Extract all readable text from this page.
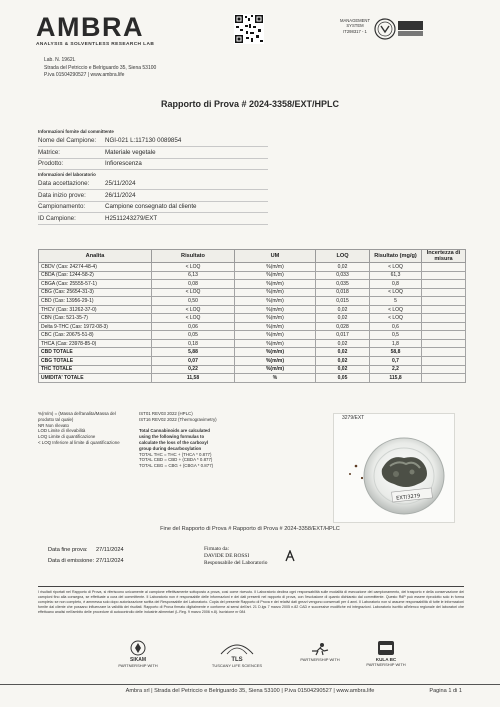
AMBRA
ANALYSIS & SOLVENTLESS RESEARCH LAB
Lab. N. 1962L
Strada del Petriccio e Belriguardo 35, Siena 53100
P.iva 01504290527 | www.ambra.life
MANAGEMENT
SYSTEM
IT298317 - 1
Rapporto di Prova # 2024-3358/EXT/HPLC
Informazioni fornite dal committente
Nome del Campione:	NGI-021 L:117130 0089854
Matrice:	Materiale vegetale
Prodotto:	Infiorescenza
Informazioni del laboratorio
Data accettazione:	25/11/2024
Data inizio prove:	26/11/2024
Campionamento:	Campione consegnato dal cliente
ID Campione:	H2511243279/EXT
Analita	Risultato	UM	LOQ	Risultato (mg/g)	Incertezza di misura
CBDV (Cas: 24274-48-4)	< LOQ	%(m/m)	0,02	< LOQ	
CBDA (Cas: 1244-58-2)	6,13	%(m/m)	0,033	61,3	
CBGA (Cas: 25555-57-1)	0,08	%(m/m)	0,035	0,8	
CBG (Cas: 25654-31-3)	< LOQ	%(m/m)	0,018	< LOQ	
CBD (Cas: 13956-29-1)	0,50	%(m/m)	0,015	5	
THCV (Cas: 31262-37-0)	< LOQ	%(m/m)	0,02	< LOQ	
CBN (Cas: 521-35-7)	< LOQ	%(m/m)	0,02	< LOQ	
Delta 9-THC (Cas: 1972-08-3)	0,06	%(m/m)	0,028	0,6	
CBC (Cas: 20675-51-8)	0,05	%(m/m)	0,017	0,5	
THCA (Cas: 23978-85-0)	0,18	%(m/m)	0,02	1,8	
CBD TOTALE	5,88	%(m/m)	0,02	58,8	
CBG TOTALE	0,07	%(m/m)	0,02	0,7	
THC TOTALE	0,22	%(m/m)	0,02	2,2	
UMIDITA' TOTALE	11,58	%	0,05	115,8	
%(m/m) = (Massa dell'analita/Massa del
prodotto tal quale)
NR Non rilevato
LOD Limite di rilevabilità
LOQ Limite di quantificazione
< LOQ Inferiore al limite di quantificazione
IST01 REV03 2022 (HPLC)
IST16 REV02 2022 (Thermogravimetry)
Total Cannabinoids are calculated
using the following formulas to
calculate the loss of the carboxyl
group during decarboxylation
TOTAL THC = THC + (THCA * 0.877)
TOTAL CBD = CBD + (CBDA * 0.877)
TOTAL CBG = CBG + (CBGA * 0.877)
EXT/3279
3279/EXT
Fine del Rapporto di Prova # Rapporto di Prova # 2024-3358/EXT/HPLC
Data fine prova:	27/11/2024
Data di emissione: 27/11/2024
Firmato da:
DAVIDE DE ROSSI
Responsabile del Laboratorio
I risultati riportati nel Rapporto di Prova, si riferiscono unicamente al campione effettivamente sottoposto a prova, così come ricevuto. Il Laboratorio declina ogni responsabilità sulle modalità di esecuzione del campionamento, del trasporto e della conservazione dei campioni fino alla consegna, se effettuate a cura del committente. Il Laboratorio non è responsabile delle informazioni e dei dati presenti nel rapporto di prova, con l'esclusione di quanto dichiarato dal committente. Questo RdP può essere riprodotto solo in forma completa: se non completo, è ammessa solo dopo autorizzazione scritta del Responsabile del Laboratorio. Copia del presente Rapporto di Prova e dei relativi dati grezzi vengono conservati per 4 anni. Il Laboratorio non si assume responsabilità di tutte le informazioni fornite dal cliente che possano influenzare la validità dei risultati. Rapporto di Prova firmato digitalmente e conforme ai sensi dell'art. 21 D.lgs 7 marzo 2005 n.82 CAD e successive modifiche ed integrazioni. Laboratorio iscritto all'elenco regionale dei laboratori che effettuano analisi nell'ambito delle procedure di autocontrollo delle industrie alimentari (L.Reg. 9 marzo 2006 n.8). Iscrizione nr 084
SIKAM
PARTNERSHIP WITH
TLS
TUSCANY LIFE SCIENCES
PARTNERSHIP WITH	KULA BC
PARTNERSHIP WITH
Ambra srl | Strada del Petriccio e Belriguardo 35, Siena 53100 | P.iva 01504290527 | www.ambra.life	Pagina 1 di 1
